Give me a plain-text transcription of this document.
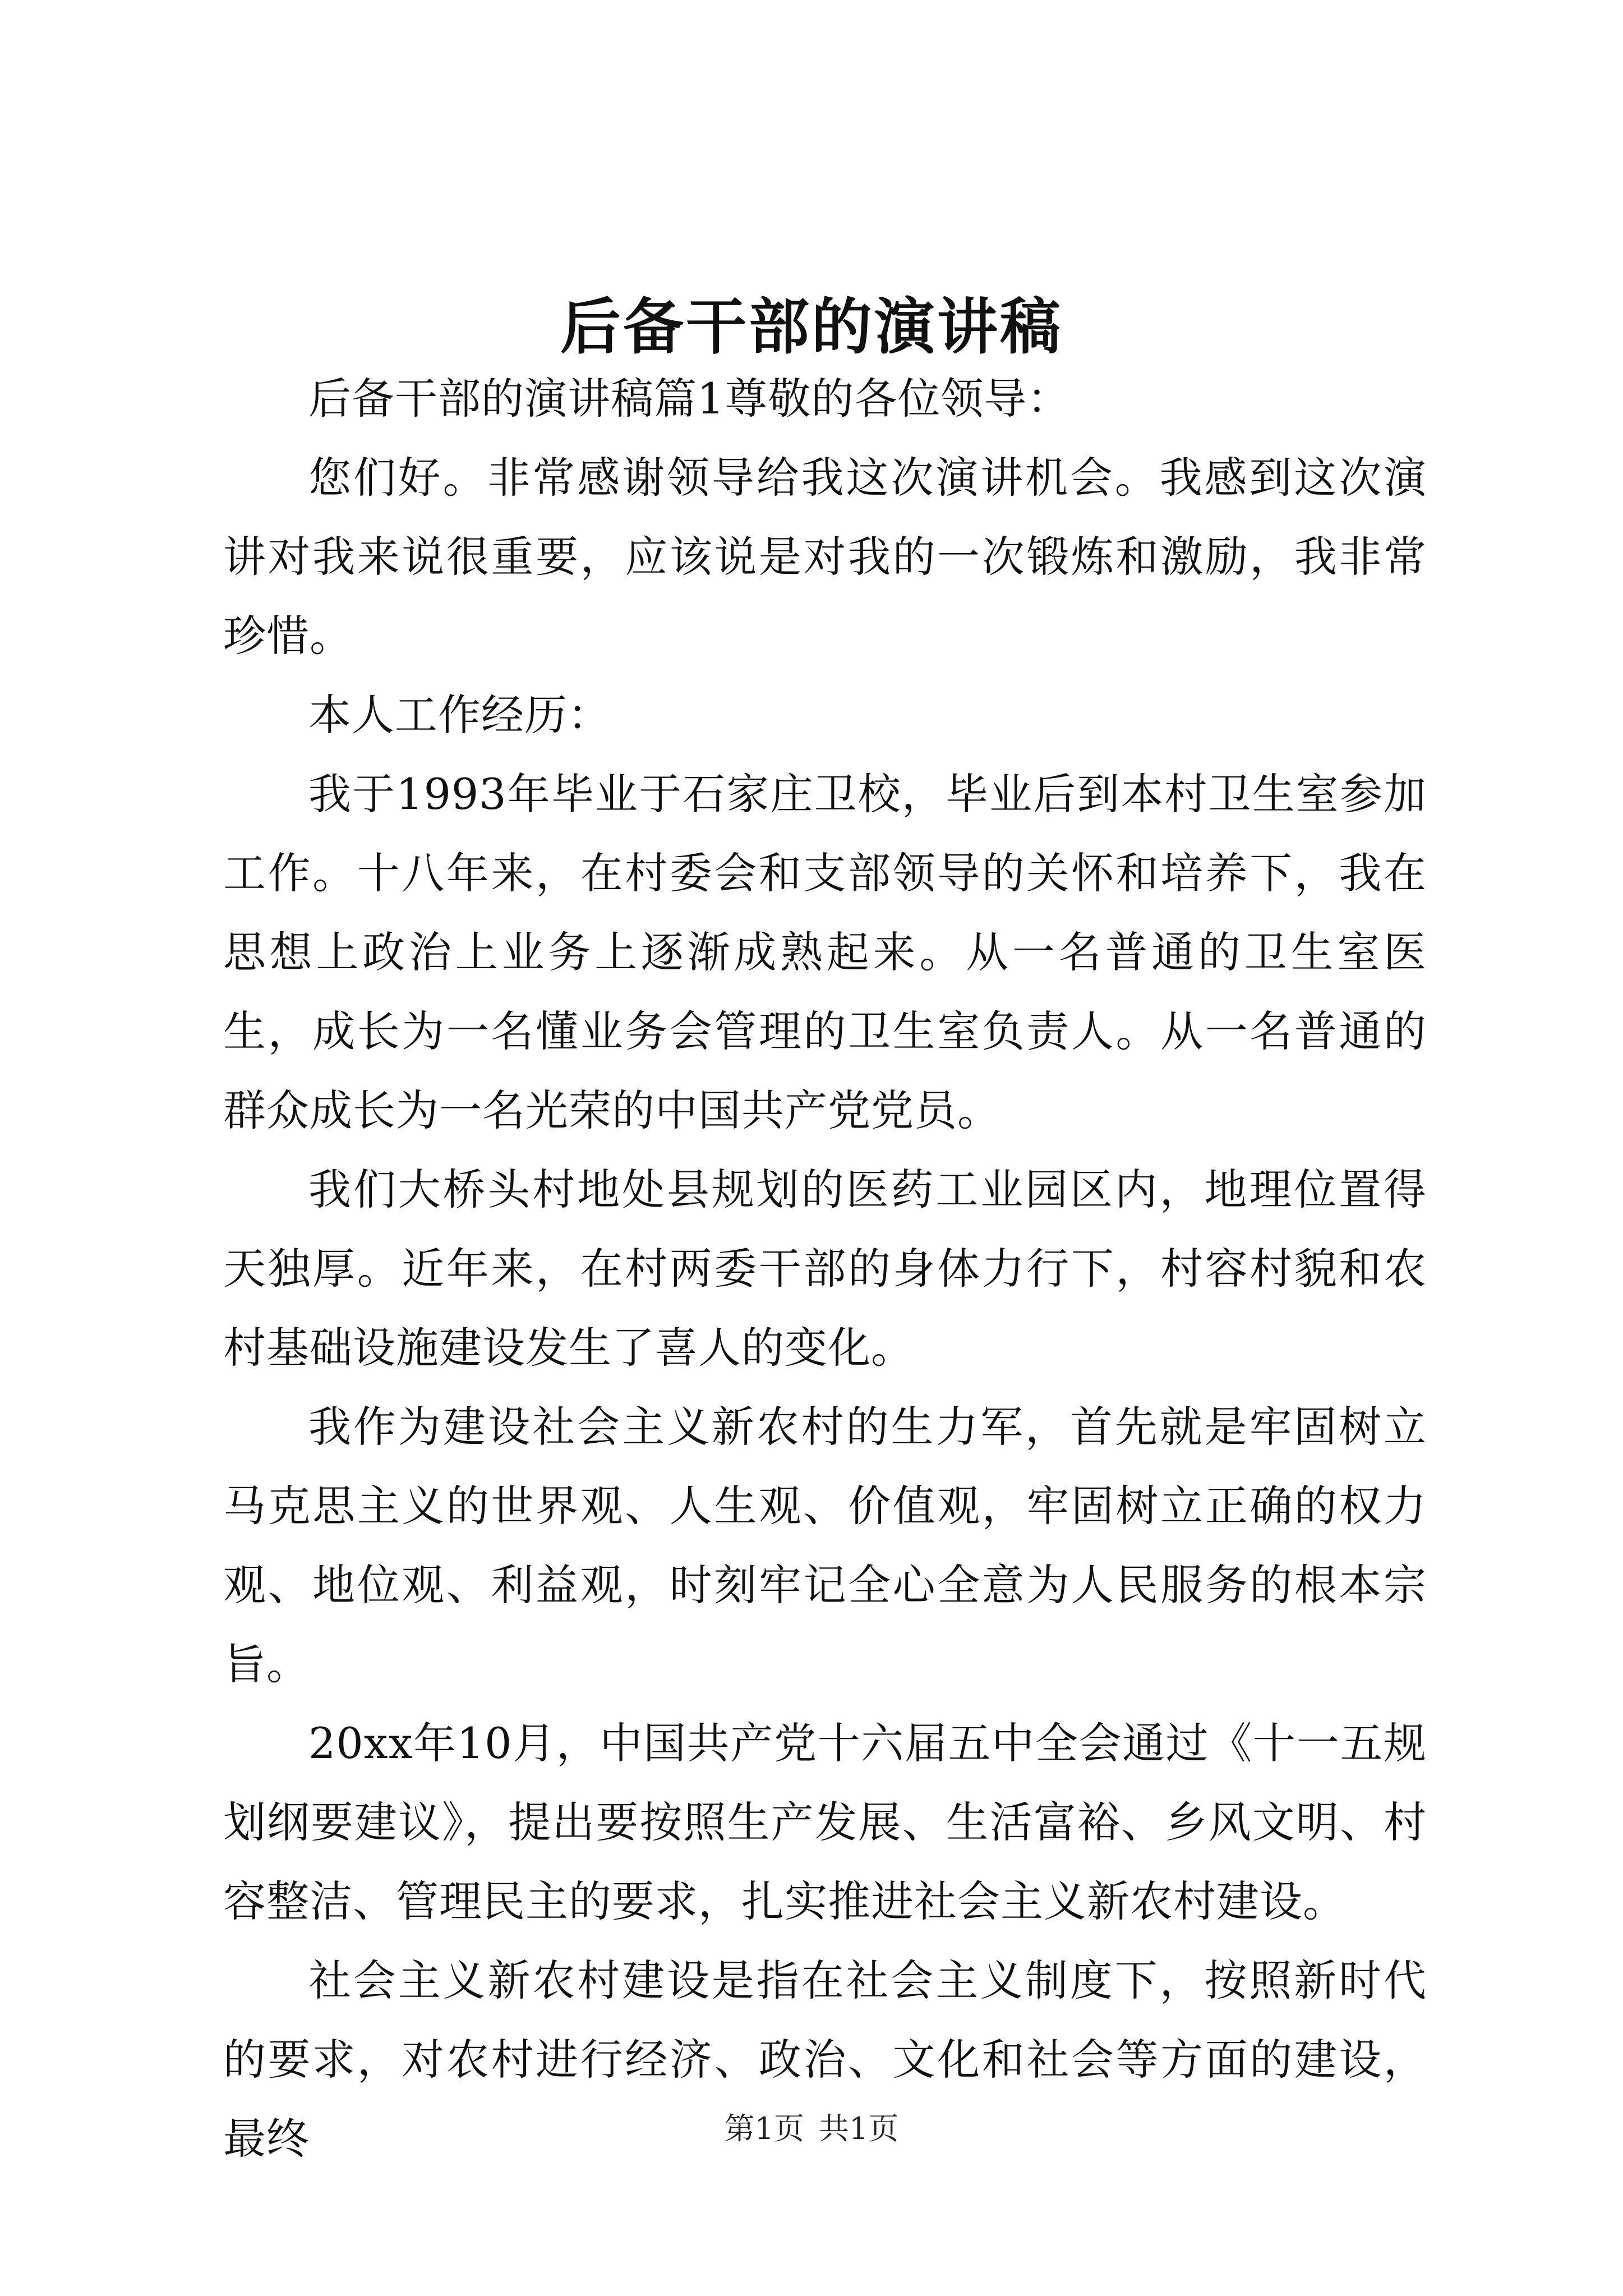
后备干部的演讲稿

后备干部的演讲稿篇1尊敬的各位领导：

您们好。非常感谢领导给我这次演讲机会。我感到这次演讲对我来说很重要，应该说是对我的一次锻炼和激励，我非常珍惜。

本人工作经历：

我于1993年毕业于石家庄卫校，毕业后到本村卫生室参加工作。十八年来，在村委会和支部领导的关怀和培养下，我在思想上政治上业务上逐渐成熟起来。从一名普通的卫生室医生，成长为一名懂业务会管理的卫生室负责人。从一名普通的群众成长为一名光荣的中国共产党党员。

我们大桥头村地处县规划的医药工业园区内，地理位置得天独厚。近年来，在村两委干部的身体力行下，村容村貌和农村基础设施建设发生了喜人的变化。

我作为建设社会主义新农村的生力军，首先就是牢固树立马克思主义的世界观、人生观、价值观，牢固树立正确的权力观、地位观、利益观，时刻牢记全心全意为人民服务的根本宗旨。

20xx年10月，中国共产党十六届五中全会通过《十一五规划纲要建议》，提出要按照生产发展、生活富裕、乡风文明、村容整洁、管理民主的要求，扎实推进社会主义新农村建设。

社会主义新农村建设是指在社会主义制度下，按照新时代的要求，对农村进行经济、政治、文化和社会等方面的建设，最终	第1页 共1页
